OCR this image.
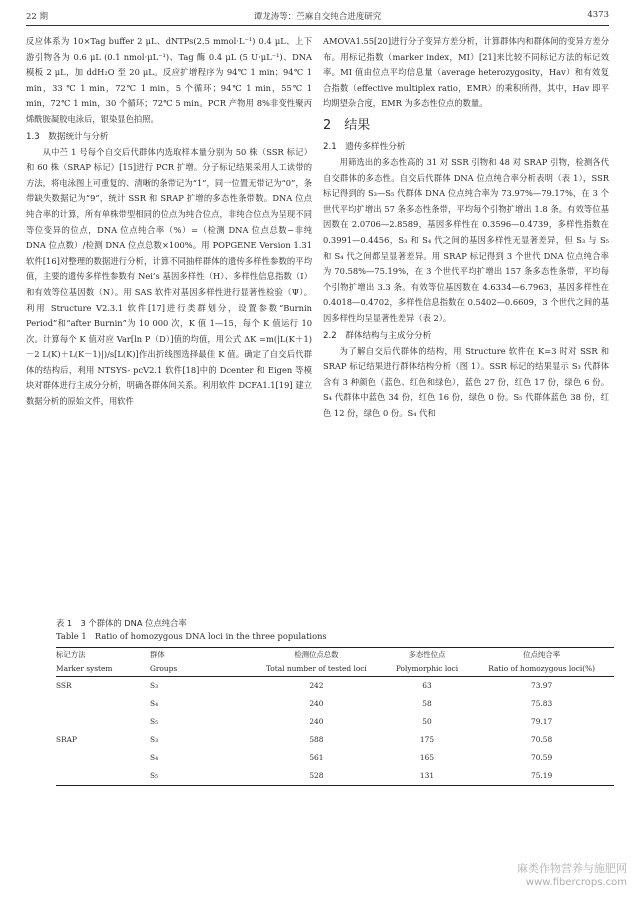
22 期	谭龙涛等：苎麻自交纯合进度研究	4373

反应体系为 10×Tag buffer 2 μL、dNTPs(2.5 mmol·L⁻¹) 0.4 μL、上下游引物各为 0.6 μL (0.1 nmol·μL⁻¹)、Tag 酶 0.4 μL (5 U·μL⁻¹)、DNA 模板 2 μL，加 ddH₂O 至 20 μL。反应扩增程序为 94℃ 1 min；94℃ 1 min，33 ℃ 1 min，72℃ 1 min，5 个循环；94℃ 1 min，55℃ 1 min，72℃ 1 min，30 个循环；72℃ 5 min。PCR 产物用 8%非变性聚丙烯酰胺凝胶电泳后，银染显色拍照。

1.3　数据统计与分析

从中苎 1 号每个自交后代群体内选取样本量分别为 50 株（SSR 标记）和 60 株（SRAP 标记）[15]进行 PCR 扩增。分子标记结果采用人工读带的方法，将电泳图上可重复的、清晰的条带记为“1”，同一位置无带记为“0”，条带缺失数据记为“9”，统计 SSR 和 SRAP 扩增的多态性条带数。DNA 位点纯合率的计算，所有单株带型相同的位点为纯合位点，非纯合位点为呈现不同等位变异的位点，DNA 位点纯合率（%）=（检测 DNA 位点总数−非纯 DNA 位点数）/检测 DNA 位点总数×100%。用 POPGENE Version 1.31 软件[16]对整理的数据进行分析，计算不同抽样群体的遗传多样性参数的平均值，主要的遗传多样性参数有 Nei’s 基因多样性（H）、多样性信息指数（I）和有效等位基因数（N）。用 SAS 软件对基因多样性进行显著性检验（Ψ）。利用 Structure V2.3.1 软件[17]进行类群划分，设置参数“Burnin Period”和“after Burnin”为 10 000 次，K 值 1—15，每个 K 值运行 10 次。计算每个 K 值对应 Var[ln P（D）]值的均值，用公式 ΔK =m(|L(K＋1)－2 L(K)＋L(K－1)|)/s[L(K)]作出折线图选择最佳 K 值。确定了自交后代群体的结构后，利用 NTSYS- pcV2.1 软件[18]中的 Dcenter 和 Eigen 等模块对群体进行主成分分析，明确各群体间关系。利用软件 DCFA1.1[19] 建立数据分析的原始文件，用软件

AMOVA1.55[20]进行分子变异方差分析，计算群体内和群体间的变异方差分布。用标记指数（marker index，MI）[21]来比较不同标记方法的标记效率。MI 值由位点平均信息量（average heterozygosity，Hav）和有效复合指数（effective multiplex ratio，EMR）的乘积所得，其中，Hav 即平均期望杂合度，EMR 为多态性位点的数量。

2　结果
2.1　遗传多样性分析

用筛选出的多态性高的 31 对 SSR 引物和 48 对 SRAP 引物，检测各代自交群体的多态性。自交后代群体 DNA 位点纯合率分析表明（表 1），SSR 标记得到的 S₃—S₅ 代群体 DNA 位点纯合率为 73.97%—79.17%，在 3 个世代平均扩增出 57 条多态性条带，平均每个引物扩增出 1.8 条。有效等位基因数在 2.0706—2.8589，基因多样性在 0.3596—0.4739，多样性指数在 0.3991—0.4456，S₃ 和 S₄ 代之间的基因多样性无显著差异，但 S₃ 与 S₅ 和 S₄ 代之间都呈显著差异。用 SRAP 标记得到 3 个世代 DNA 位点纯合率为 70.58%—75.19%，在 3 个世代平均扩增出 157 条多态性条带，平均每个引物扩增出 3.3 条。有效等位基因数在 4.6334—6.7963，基因多样性在 0.4018—0.4702，多样性信息指数在 0.5402—0.6609，3 个世代之间的基因多样性均呈显著性差异（表 2）。

2.2　群体结构与主成分分析

为了解自交后代群体的结构，用 Structure 软件在 K=3 时对 SSR 和 SRAP 标记结果进行群体结构分析（图 1）。SSR 标记的结果显示 S₃ 代群体含有 3 种颜色（蓝色、红色和绿色），蓝色 27 份，红色 17 份，绿色 6 份。S₄ 代群体中蓝色 34 份，红色 16 份，绿色 0 份。S₅ 代群体蓝色 38 份，红色 12 份，绿色 0 份。S₄ 代和

表 1　3 个群体的 DNA 位点纯合率
Table 1　Ratio of homozygous DNA loci in the three populations
标记方法	群体	检测位点总数	多态性位点	位点纯合率
Marker system	Groups	Total number of tested loci	Polymorphic loci	Ratio of homozygous loci(%)
SSR	S₃	242	63	73.97
	S₄	240	58	75.83
	S₅	240	50	79.17
SRAP	S₃	588	175	70.58
	S₄	561	165	70.59
	S₅	528	131	75.19
麻类作物营养与施肥网
www.fibercrops.com
